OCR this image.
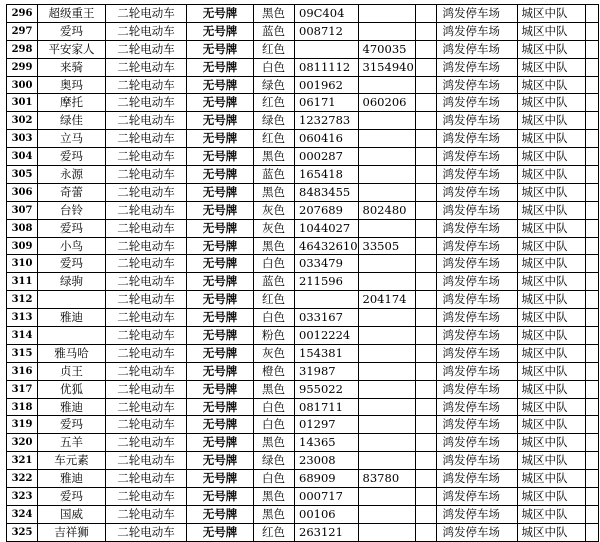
296	超级重王	二轮电动车	无号牌	黑色	09C404			鸿发停车场	城区中队	
297	爱玛	二轮电动车	无号牌	蓝色	008712			鸿发停车场	城区中队	
298	平安家人	二轮电动车	无号牌	红色		470035		鸿发停车场	城区中队	
299	来骑	二轮电动车	无号牌	白色	0811112	3154940		鸿发停车场	城区中队	
300	奥玛	二轮电动车	无号牌	绿色	001962			鸿发停车场	城区中队	
301	摩托	二轮电动车	无号牌	红色	06171	060206		鸿发停车场	城区中队	
302	绿佳	二轮电动车	无号牌	绿色	1232783			鸿发停车场	城区中队	
303	立马	二轮电动车	无号牌	红色	060416			鸿发停车场	城区中队	
304	爱玛	二轮电动车	无号牌	黑色	000287			鸿发停车场	城区中队	
305	永源	二轮电动车	无号牌	蓝色	165418			鸿发停车场	城区中队	
306	奇蕾	二轮电动车	无号牌	黑色	8483455			鸿发停车场	城区中队	
307	台铃	二轮电动车	无号牌	灰色	207689	802480		鸿发停车场	城区中队	
308	爱玛	二轮电动车	无号牌	灰色	1044027			鸿发停车场	城区中队	
309	小鸟	二轮电动车	无号牌	黑色	46432610	33505		鸿发停车场	城区中队	
310	爱玛	二轮电动车	无号牌	白色	033479			鸿发停车场	城区中队	
311	绿驹	二轮电动车	无号牌	蓝色	211596			鸿发停车场	城区中队	
312		二轮电动车	无号牌	红色		204174		鸿发停车场	城区中队	
313	雅迪	二轮电动车	无号牌	白色	033167			鸿发停车场	城区中队	
314		二轮电动车	无号牌	粉色	0012224			鸿发停车场	城区中队	
315	雅马哈	二轮电动车	无号牌	灰色	154381			鸿发停车场	城区中队	
316	贞王	二轮电动车	无号牌	橙色	31987			鸿发停车场	城区中队	
317	优狐	二轮电动车	无号牌	黑色	955022			鸿发停车场	城区中队	
318	雅迪	二轮电动车	无号牌	白色	081711			鸿发停车场	城区中队	
319	爱玛	二轮电动车	无号牌	白色	01297			鸿发停车场	城区中队	
320	五羊	二轮电动车	无号牌	黑色	14365			鸿发停车场	城区中队	
321	车元素	二轮电动车	无号牌	绿色	23008			鸿发停车场	城区中队	
322	雅迪	二轮电动车	无号牌	白色	68909	83780		鸿发停车场	城区中队	
323	爱玛	二轮电动车	无号牌	黑色	000717			鸿发停车场	城区中队	
324	国威	二轮电动车	无号牌	黑色	00106			鸿发停车场	城区中队	
325	吉祥狮	二轮电动车	无号牌	红色	263121			鸿发停车场	城区中队	
